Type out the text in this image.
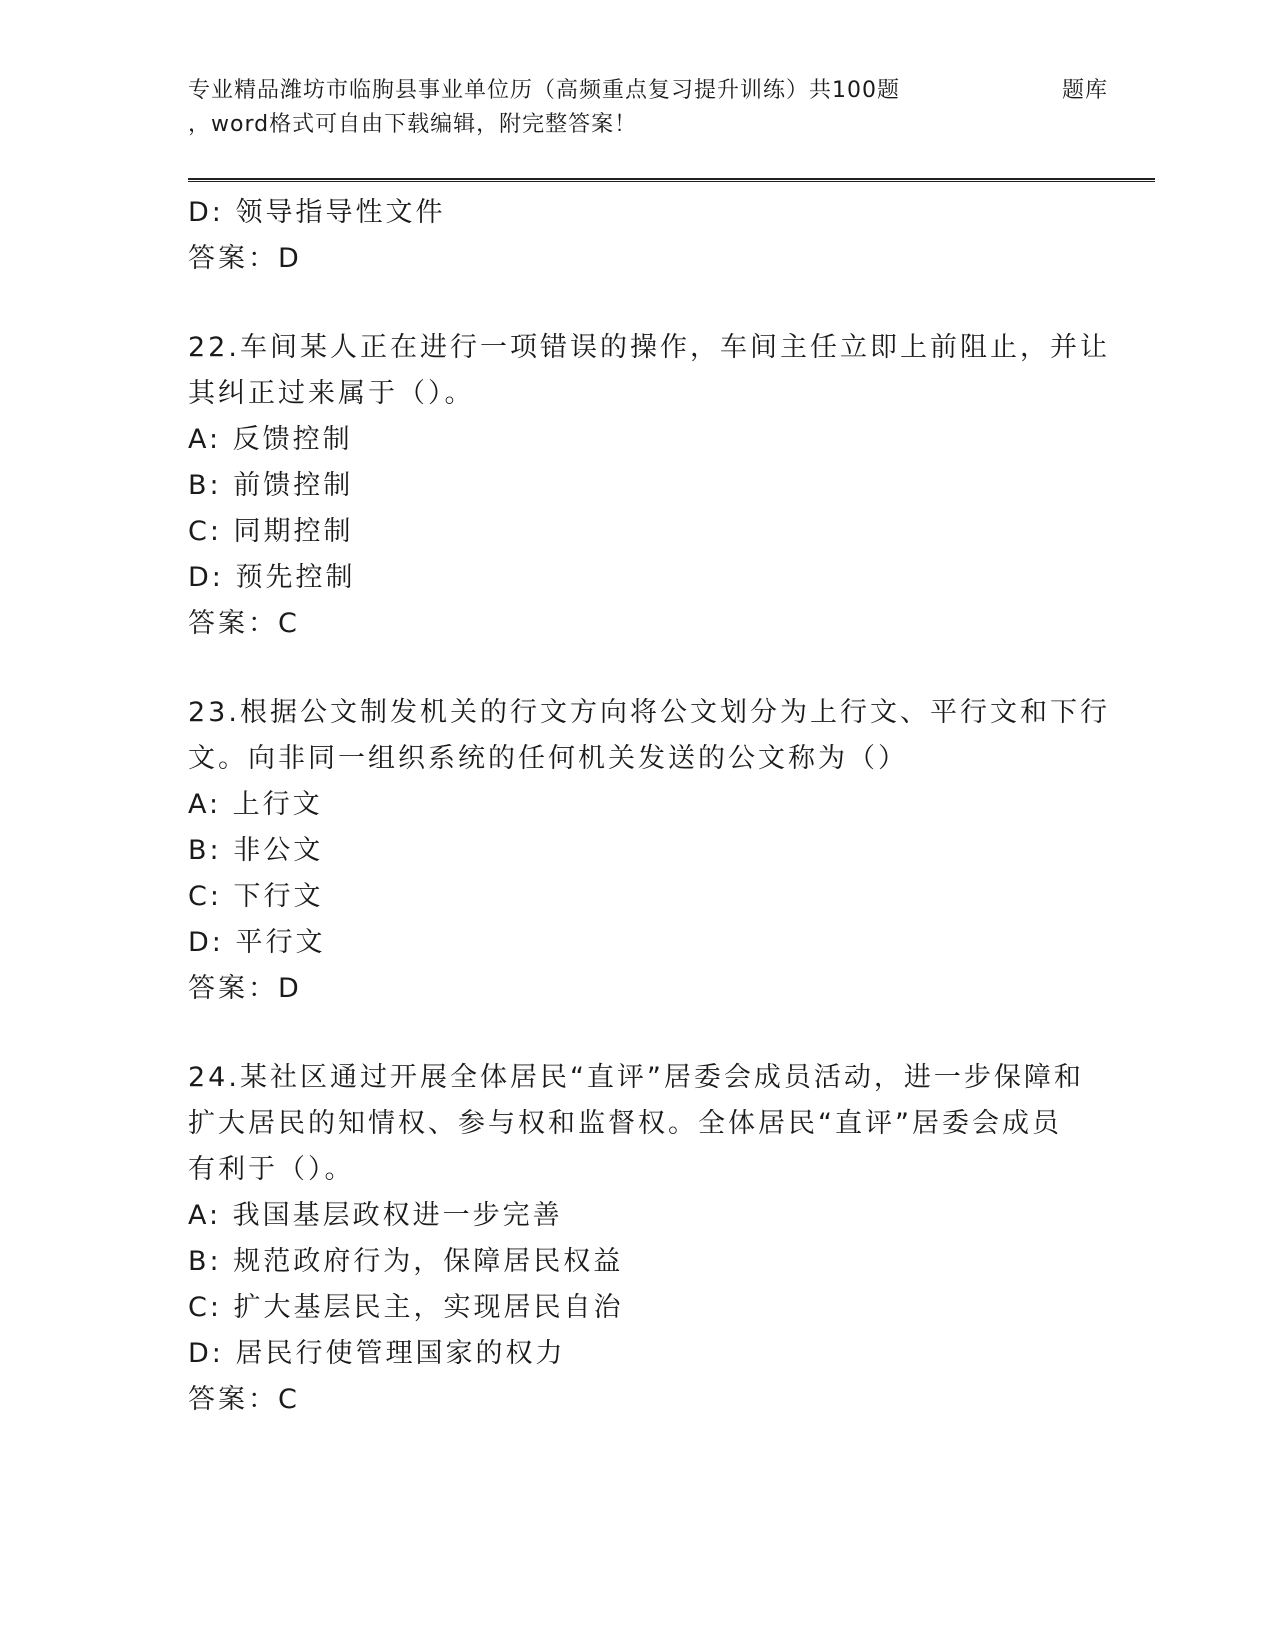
专业精品潍坊市临朐县事业单位历（高频重点复习提升训练）共100题	题库
，word格式可自由下载编辑，附完整答案！
D: 领导指导性文件
答案：D
22.车间某人正在进行一项错误的操作，车间主任立即上前阻止，并让
其纠正过来属于（）。
A: 反馈控制
B: 前馈控制
C: 同期控制
D: 预先控制
答案：C
23.根据公文制发机关的行文方向将公文划分为上行文、平行文和下行
文。向非同一组织系统的任何机关发送的公文称为（）
A: 上行文
B: 非公文
C: 下行文
D: 平行文
答案：D
24.某社区通过开展全体居民“直评”居委会成员活动，进一步保障和
扩大居民的知情权、参与权和监督权。全体居民“直评”居委会成员
有利于（）。
A: 我国基层政权进一步完善
B: 规范政府行为，保障居民权益
C: 扩大基层民主，实现居民自治
D: 居民行使管理国家的权力
答案：C
